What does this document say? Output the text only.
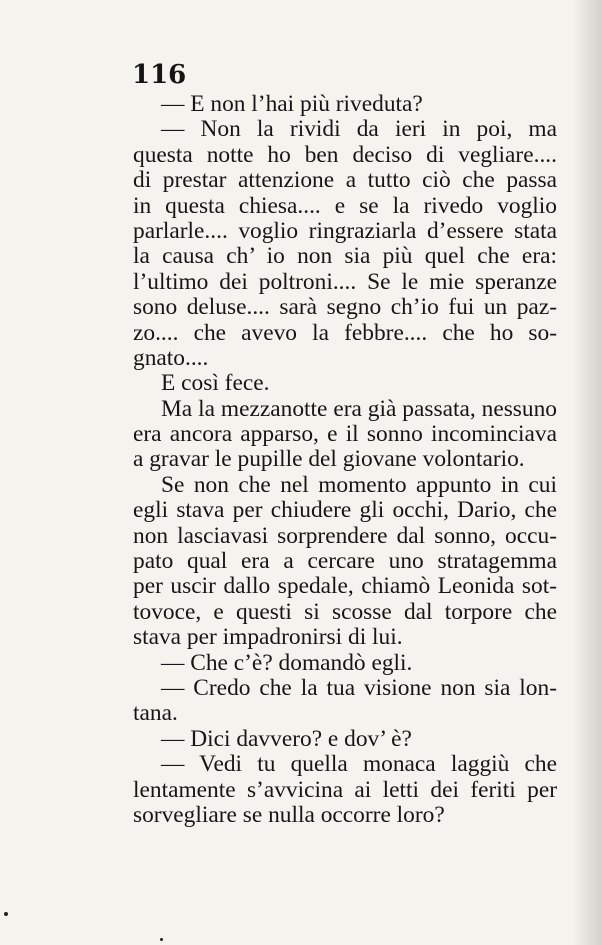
116
— E non l’hai più riveduta?
— Non la rividi da ieri in poi, ma
questa notte ho ben deciso di vegliare....
di prestar attenzione a tutto ciò che passa
in questa chiesa.... e se la rivedo voglio
parlarle.... voglio ringraziarla d’essere stata
la causa ch’ io non sia più quel che era:
l’ultimo dei poltroni.... Se le mie speranze
sono deluse.... sarà segno ch’io fui un paz-
zo.... che avevo la febbre.... che ho so-
gnato....
E così fece.
Ma la mezzanotte era già passata, nessuno
era ancora apparso, e il sonno incominciava
a gravar le pupille del giovane volontario.
Se non che nel momento appunto in cui
egli stava per chiudere gli occhi, Dario, che
non lasciavasi sorprendere dal sonno, occu-
pato qual era a cercare uno stratagemma
per uscir dallo spedale, chiamò Leonida sot-
tovoce, e questi si scosse dal torpore che
stava per impadronirsi di lui.
— Che c’è? domandò egli.
— Credo che la tua visione non sia lon-
tana.
— Dici davvero? e dov’ è?
— Vedi tu quella monaca laggiù che
lentamente s’avvicina ai letti dei feriti per
sorvegliare se nulla occorre loro?
